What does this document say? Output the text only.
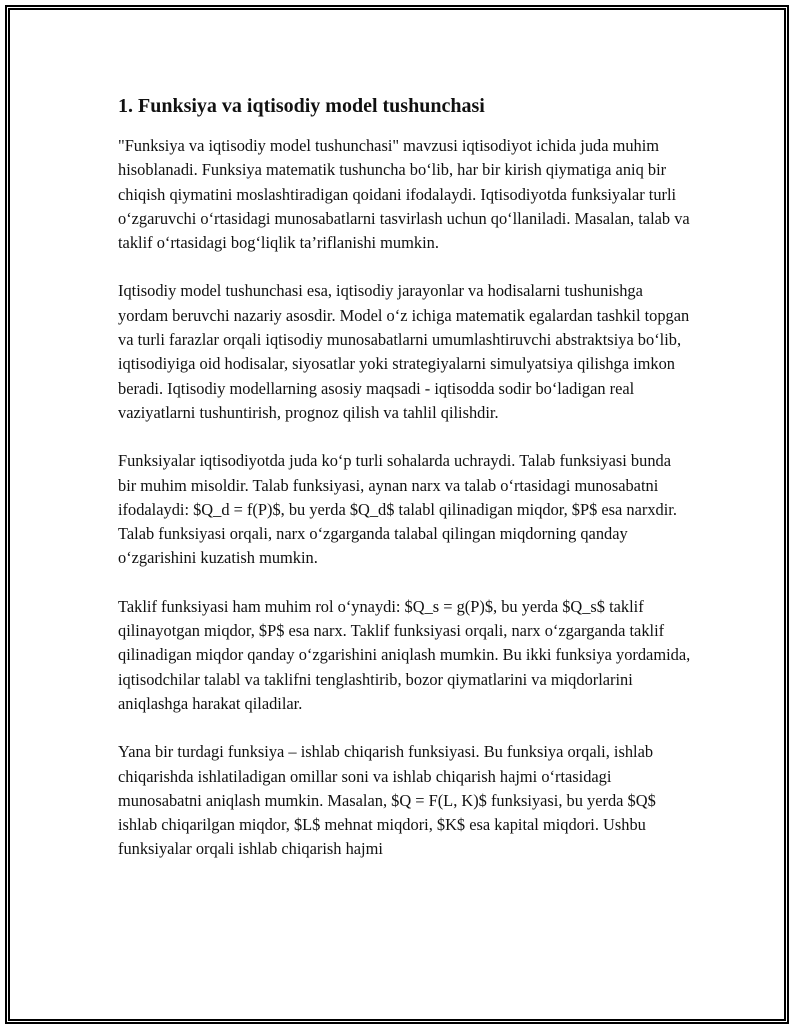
1. Funksiya va iqtisodiy model tushunchasi

"Funksiya va iqtisodiy model tushunchasi" mavzusi iqtisodiyot ichida juda muhim hisoblanadi. Funksiya matematik tushuncha bo‘lib, har bir kirish qiymatiga aniq bir chiqish qiymatini moslashtiradigan qoidani ifodalaydi. Iqtisodiyotda funksiyalar turli o‘zgaruvchi o‘rtasidagi munosabatlarni tasvirlash uchun qo‘llaniladi. Masalan, talab va taklif o‘rtasidagi bog‘liqlik ta’riflanishi mumkin.

Iqtisodiy model tushunchasi esa, iqtisodiy jarayonlar va hodisalarni tushunishga yordam beruvchi nazariy asosdir. Model o‘z ichiga matematik egalardan tashkil topgan va turli farazlar orqali iqtisodiy munosabatlarni umumlashtiruvchi abstraktsiya bo‘lib, iqtisodiyiga oid hodisalar, siyosatlar yoki strategiyalarni simulyatsiya qilishga imkon beradi. Iqtisodiy modellarning asosiy maqsadi - iqtisodda sodir bo‘ladigan real vaziyatlarni tushuntirish, prognoz qilish va tahlil qilishdir.

Funksiyalar iqtisodiyotda juda ko‘p turli sohalarda uchraydi. Talab funksiyasi bunda bir muhim misoldir. Talab funksiyasi, aynan narx va talab o‘rtasidagi munosabatni ifodalaydi: $Q_d = f(P)$, bu yerda $Q_d$ talabl qilinadigan miqdor, $P$ esa narxdir. Talab funksiyasi orqali, narx o‘zgarganda talabal qilingan miqdorning qanday o‘zgarishini kuzatish mumkin.

Taklif funksiyasi ham muhim rol o‘ynaydi: $Q_s = g(P)$, bu yerda $Q_s$ taklif qilinayotgan miqdor, $P$ esa narx. Taklif funksiyasi orqali, narx o‘zgarganda taklif qilinadigan miqdor qanday o‘zgarishini aniqlash mumkin. Bu ikki funksiya yordamida, iqtisodchilar talabl va taklifni tenglashtirib, bozor qiymatlarini va miqdorlarini aniqlashga harakat qiladilar.

Yana bir turdagi funksiya – ishlab chiqarish funksiyasi. Bu funksiya orqali, ishlab chiqarishda ishlatiladigan omillar soni va ishlab chiqarish hajmi o‘rtasidagi munosabatni aniqlash mumkin. Masalan, $Q = F(L, K)$ funksiyasi, bu yerda $Q$ ishlab chiqarilgan miqdor, $L$ mehnat miqdori, $K$ esa kapital miqdori. Ushbu funksiyalar orqali ishlab chiqarish hajmi
